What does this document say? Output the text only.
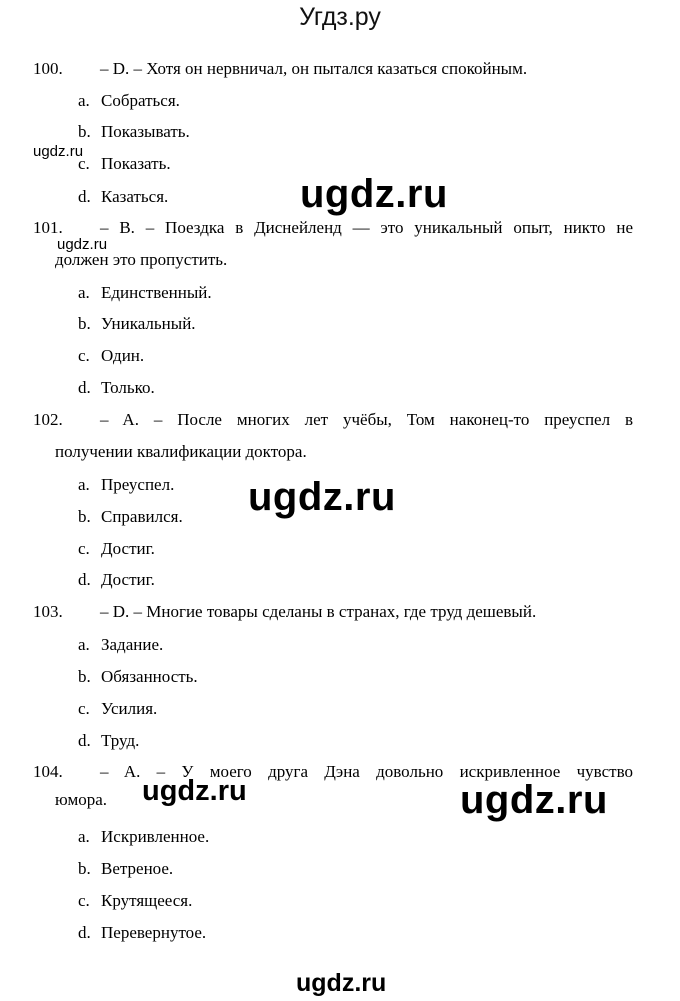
Угдз.ру
100.	– D. – Хотя он нервничал, он пытался казаться спокойным.
a. Собраться.
b. Показывать.
c. Показать.
d. Казаться.
101.	– B. – Поездка в Диснейленд — это уникальный опыт, никто не
должен это пропустить.
a. Единственный.
b. Уникальный.
c. Один.
d. Только.
102.	– A. – После многих лет учёбы, Том наконец-то преуспел в
получении квалификации доктора.
a. Преуспел.
b. Справился.
c. Достиг.
d. Достиг.
103.	– D. – Многие товары сделаны в странах, где труд дешевый.
a. Задание.
b. Обязанность.
c. Усилия.
d. Труд.
104.	– A. – У моего друга Дэна довольно искривленное чувство
юмора.
a. Искривленное.
b. Ветреное.
c. Крутящееся.
d. Перевернутое.
ugdz.ru
ugdz.ru
ugdz.ru
ugdz.ru
ugdz.ru	ugdz.ru
ugdz.ru
